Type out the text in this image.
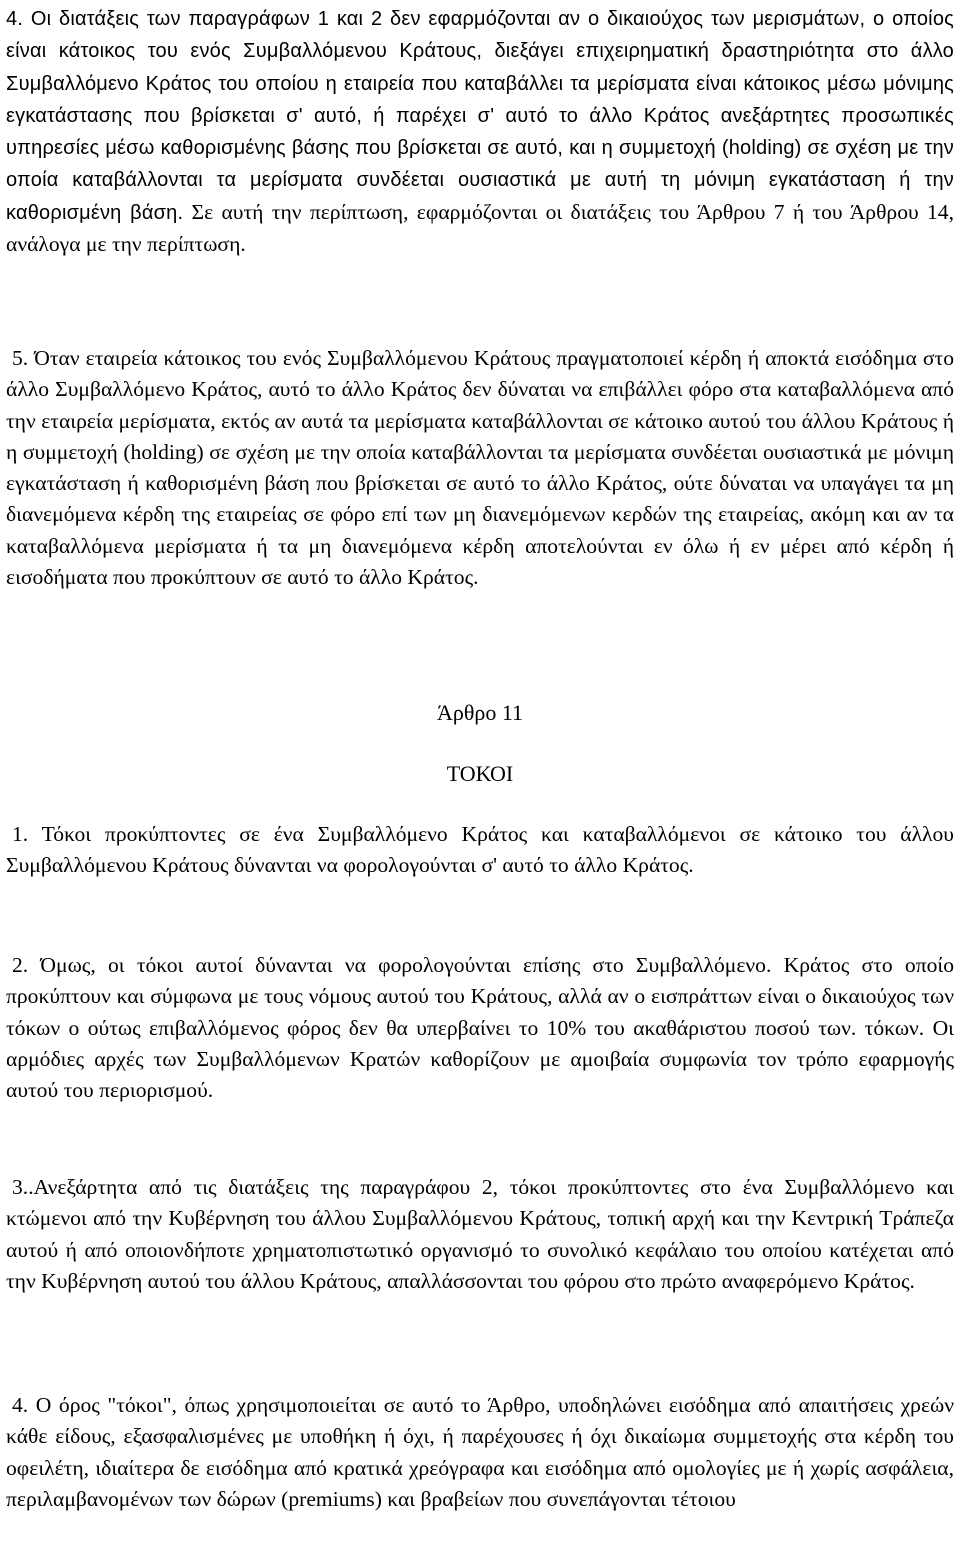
4. Οι διατάξεις των παραγράφων 1 και 2 δεν εφαρμόζονται αν ο δικαιούχος των μερισμάτων, ο οποίος είναι κάτοικος του ενός Συμβαλλόμενου Κράτους, διεξάγει επιχειρηματική δραστηριότητα στο άλλο Συμβαλλόμενο Κράτος του οποίου η εταιρεία που καταβάλλει τα μερίσματα είναι κάτοικος μέσω μόνιμης εγκατάστασης που βρίσκεται σ' αυτό, ή παρέχει σ' αυτό το άλλο Κράτος ανεξάρτητες προσωπικές υπηρεσίες μέσω καθορισμένης βάσης που βρίσκεται σε αυτό, και η συμμετοχή (holding) σε σχέση με την οποία καταβάλλονται τα μερίσματα συνδέεται ουσιαστικά με αυτή τη μόνιμη εγκατάσταση ή την καθορισμένη βάση. Σε αυτή την περίπτωση, εφαρμόζονται οι διατάξεις του Άρθρου 7 ή του Άρθρου 14, ανάλογα με την περίπτωση.

5. Όταν εταιρεία κάτοικος του ενός Συμβαλλόμενου Κράτους πραγματοποιεί κέρδη ή αποκτά εισόδημα στο άλλο Συμβαλλόμενο Κράτος, αυτό το άλλο Κράτος δεν δύναται να επιβάλλει φόρο στα καταβαλλόμενα από την εταιρεία μερίσματα, εκτός αν αυτά τα μερίσματα καταβάλλονται σε κάτοικο αυτού του άλλου Κράτους ή η συμμετοχή (holding) σε σχέση με την οποία καταβάλλονται τα μερίσματα συνδέεται ουσιαστικά με μόνιμη εγκατάσταση ή καθορισμένη βάση που βρίσκεται σε αυτό το άλλο Κράτος, ούτε δύναται να υπαγάγει τα μη διανεμόμενα κέρδη της εταιρείας σε φόρο επί των μη διανεμόμενων κερδών της εταιρείας, ακόμη και αν τα καταβαλλόμενα μερίσματα ή τα μη διανεμόμενα κέρδη αποτελούνται εν όλω ή εν μέρει από κέρδη ή εισοδήματα που προκύπτουν σε αυτό το άλλο Κράτος.

Άρθρο 11
ΤΟΚΟΙ

1. Τόκοι προκύπτοντες σε ένα Συμβαλλόμενο Κράτος και καταβαλλόμενοι σε κάτοικο του άλλου Συμβαλλόμενου Κράτους δύνανται να φορολογούνται σ' αυτό το άλλο Κράτος.

2. Όμως, οι τόκοι αυτοί δύνανται να φορολογούνται επίσης στο Συμβαλλόμενο. Κράτος στο οποίο προκύπτουν και σύμφωνα με τους νόμους αυτού του Κράτους, αλλά αν ο εισπράττων είναι ο δικαιούχος των τόκων ο ούτως επιβαλλόμενος φόρος δεν θα υπερβαίνει το 10% του ακαθάριστου ποσού των. τόκων. Οι αρμόδιες αρχές των Συμβαλλόμενων Κρατών καθορίζουν με αμοιβαία συμφωνία τον τρόπο εφαρμογής αυτού του περιορισμού.

3..Ανεξάρτητα από τις διατάξεις της παραγράφου 2, τόκοι προκύπτοντες στο ένα Συμβαλλόμενο και κτώμενοι από την Κυβέρνηση του άλλου Συμβαλλόμενου Κράτους, τοπική αρχή και την Κεντρική Τράπεζα αυτού ή από οποιονδήποτε χρηματοπιστωτικό οργανισμό το συνολικό κεφάλαιο του οποίου κατέχεται από την Κυβέρνηση αυτού του άλλου Κράτους, απαλλάσσονται του φόρου στο πρώτο αναφερόμενο Κράτος.

4. Ο όρος "τόκοι", όπως χρησιμοποιείται σε αυτό το Άρθρο, υποδηλώνει εισόδημα από απαιτήσεις χρεών κάθε είδους, εξασφαλισμένες με υποθήκη ή όχι, ή παρέχουσες ή όχι δικαίωμα συμμετοχής στα κέρδη του οφειλέτη, ιδιαίτερα δε εισόδημα από κρατικά χρεόγραφα και εισόδημα από ομολογίες με ή χωρίς ασφάλεια, περιλαμβανομένων των δώρων (premiums) και βραβείων που συνεπάγονται τέτοιου
